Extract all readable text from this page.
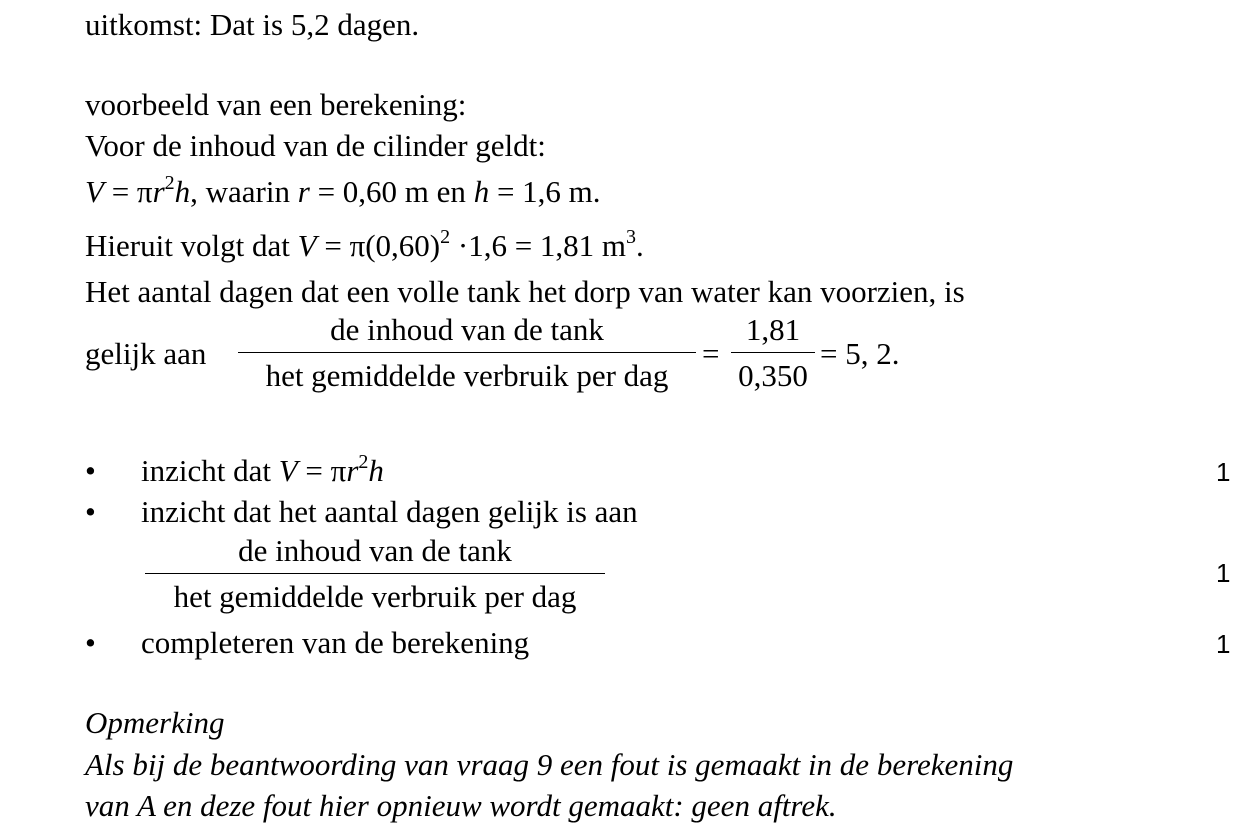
uitkomst: Dat is 5,2 dagen.
voorbeeld van een berekening:
Voor de inhoud van de cilinder geldt:
$V = \pi r^2h$, waarin r = 0,60 m en h = 1,6 m.
Hieruit volgt dat $V = \pi(0,60)^2 \cdot 1,6 = 1,81$ $m^3$.
Het aantal dagen dat een volle tank het dorp van water kan voorzien, is
gelijk aan
de inhoud van de tank
het gemiddelde verbruik per dag
=
1,81
0,350
= 5, 2.
• inzicht dat $V = \pi r^2h$	1
• inzicht dat het aantal dagen gelijk is aan
de inhoud van de tank
het gemiddelde verbruik per dag
1
• completeren van de berekening	1
Opmerking
Als bij de beantwoording van vraag 9 een fout is gemaakt in de berekening
van A en deze fout hier opnieuw wordt gemaakt: geen aftrek.
